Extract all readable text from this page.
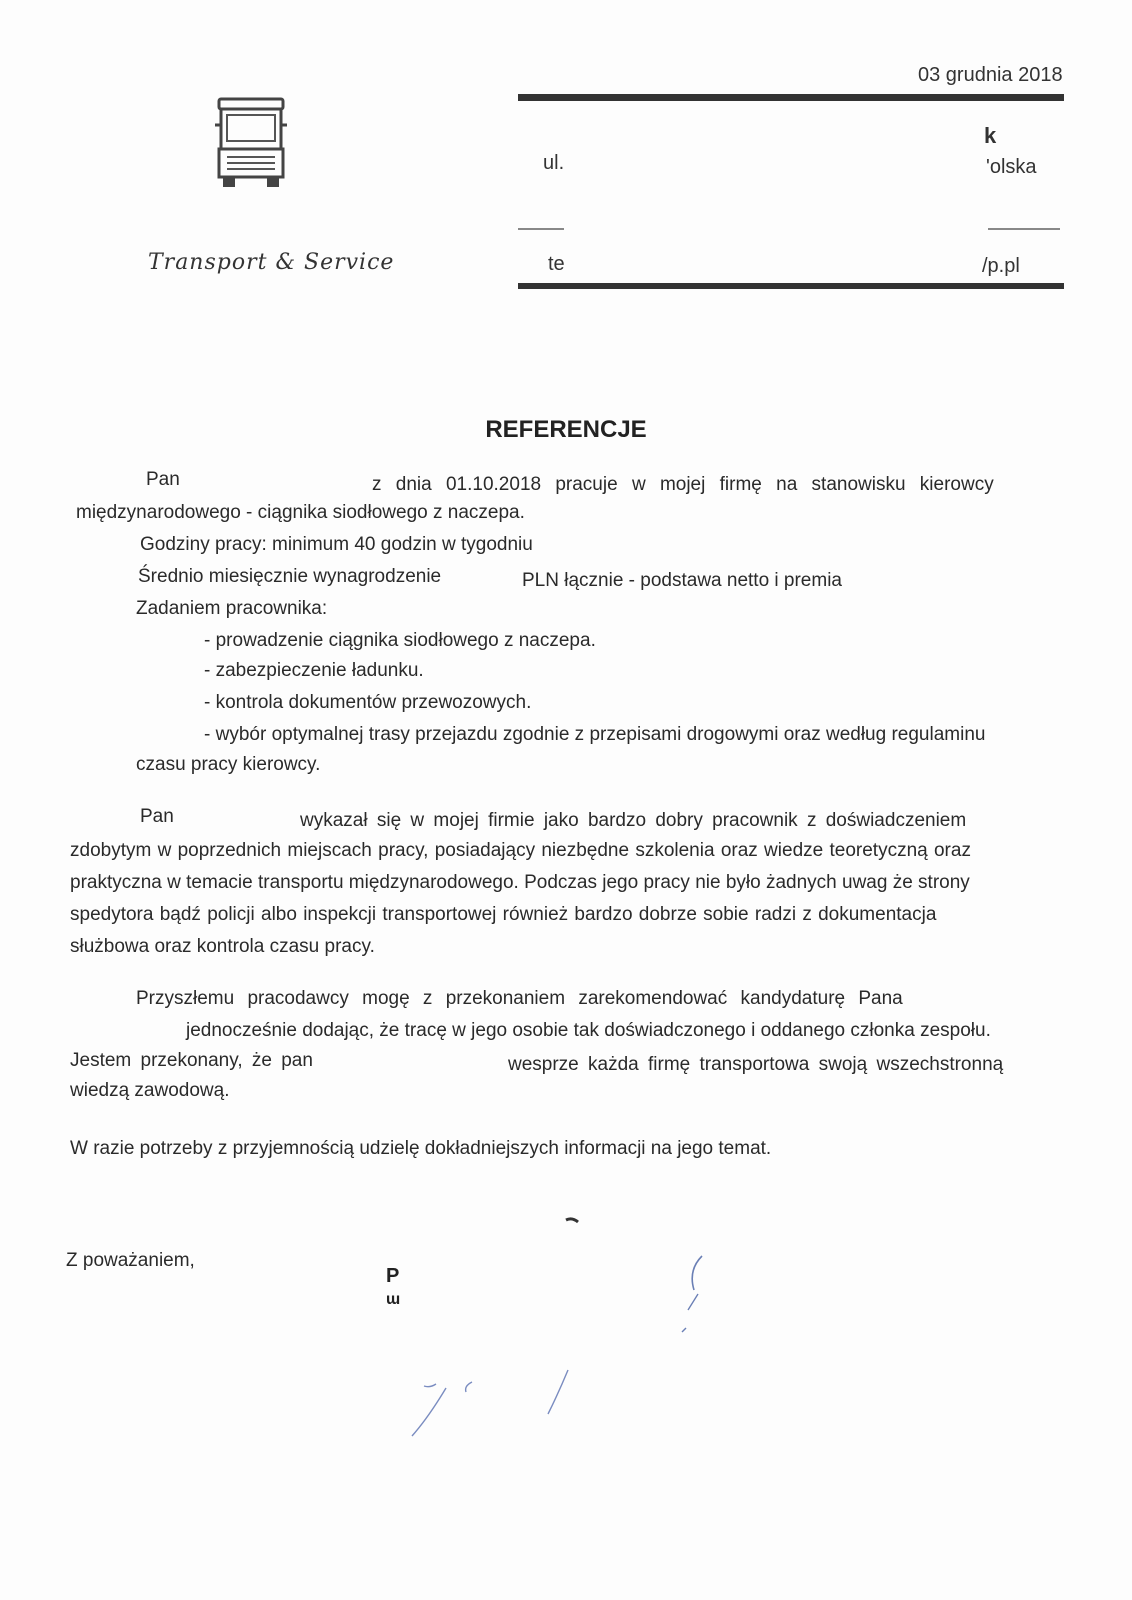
Transport & Service
03 grudnia 2018
k
ul.	'olska
te	/p.pl
REFERENCJE
Pan	z dnia 01.10.2018 pracuje w mojej firmę na stanowisku kierowcy
międzynarodowego - ciągnika siodłowego z naczepa.
Godziny pracy: minimum 40 godzin w tygodniu
Średnio miesięcznie wynagrodzenie	PLN łącznie - podstawa netto i premia
Zadaniem pracownika:
- prowadzenie ciągnika siodłowego z naczepa.
- zabezpieczenie ładunku.
- kontrola dokumentów przewozowych.
- wybór optymalnej trasy przejazdu zgodnie z przepisami drogowymi oraz według regulaminu
czasu pracy kierowcy.
Pan	wykazał się w mojej firmie jako bardzo dobry pracownik z doświadczeniem
zdobytym w poprzednich miejscach pracy, posiadający niezbędne szkolenia oraz wiedze teoretyczną oraz
praktyczna w temacie transportu międzynarodowego. Podczas jego pracy nie było żadnych uwag że strony
spedytora bądź policji albo inspekcji transportowej również bardzo dobrze sobie radzi z dokumentacja
służbowa oraz kontrola czasu pracy.
Przyszłemu pracodawcy mogę z przekonaniem zarekomendować kandydaturę Pana
jednocześnie dodając, że tracę w jego osobie tak doświadczonego i oddanego członka zespołu.
Jestem przekonany, że pan	wesprze każda firmę transportowa swoją wszechstronną
wiedzą zawodową.
W razie potrzeby z przyjemnością udzielę dokładniejszych informacji na jego temat.
Z poważaniem,
P
ɯ
